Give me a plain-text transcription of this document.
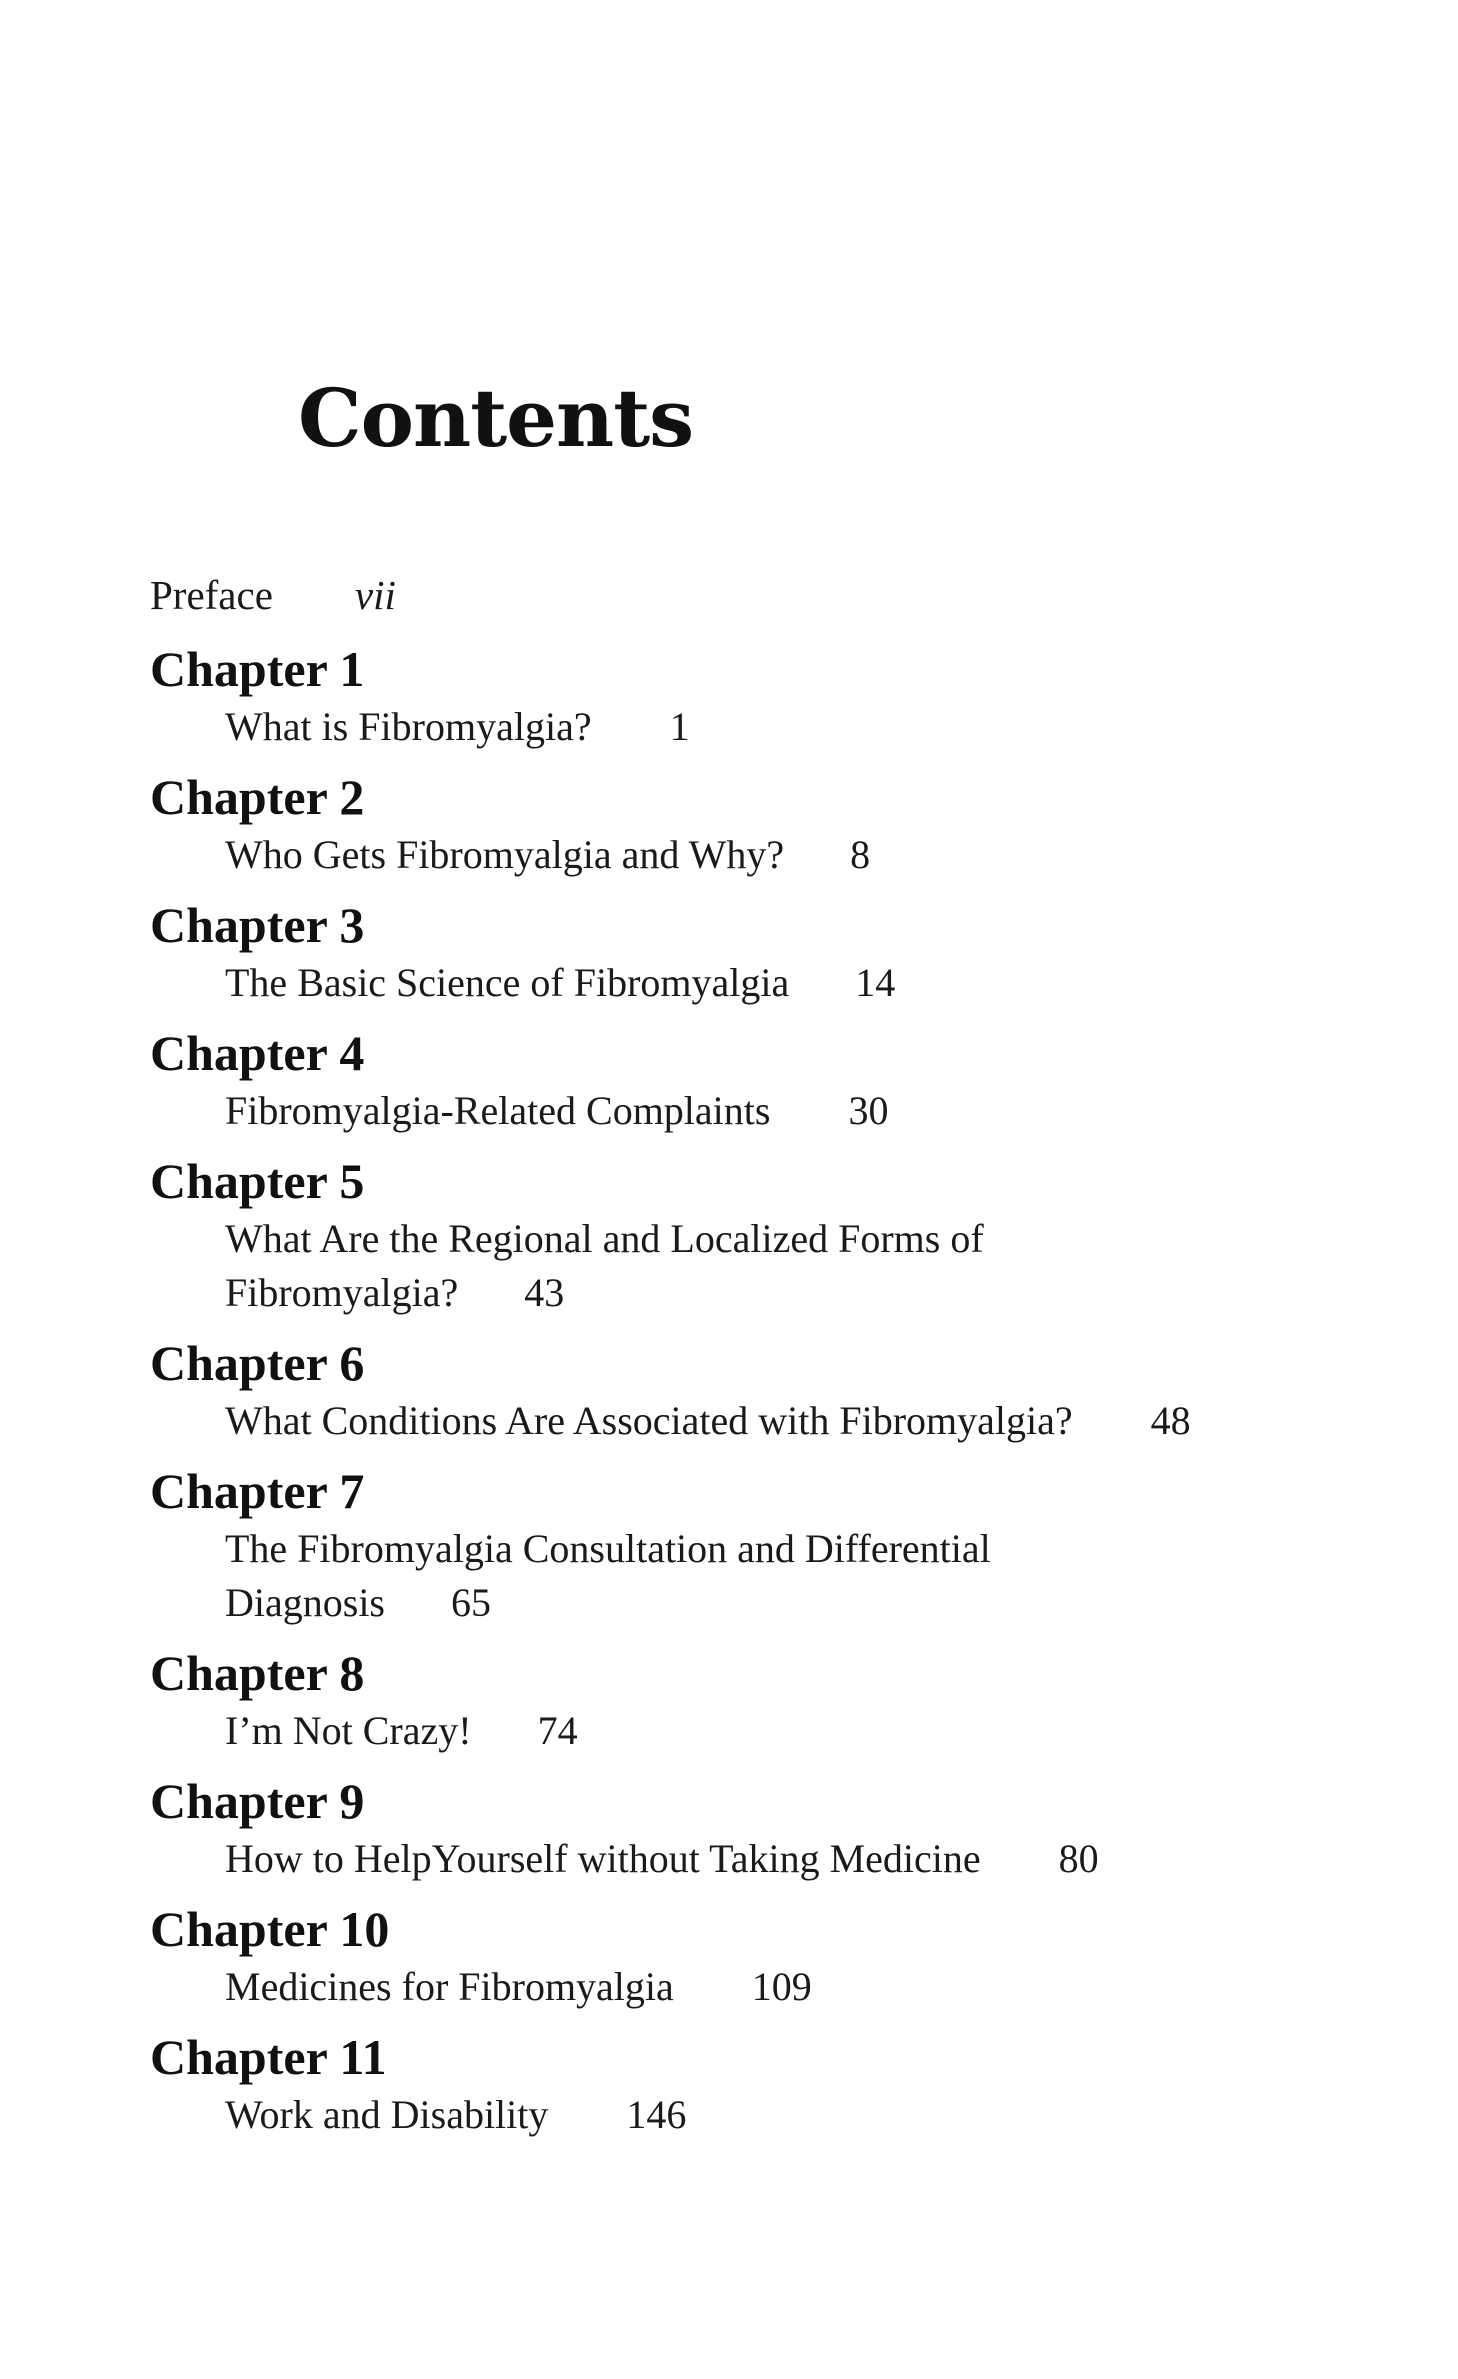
Contents
Preface vii
Chapter 1
What is Fibromyalgia? 1
Chapter 2
Who Gets Fibromyalgia and Why? 8
Chapter 3
The Basic Science of Fibromyalgia 14
Chapter 4
Fibromyalgia-Related Complaints 30
Chapter 5
What Are the Regional and Localized Forms of Fibromyalgia? 43
Chapter 6
What Conditions Are Associated with Fibromyalgia? 48
Chapter 7
The Fibromyalgia Consultation and Differential Diagnosis 65
Chapter 8
I’m Not Crazy! 74
Chapter 9
How to HelpYourself without Taking Medicine 80
Chapter 10
Medicines for Fibromyalgia 109
Chapter 11
Work and Disability 146
